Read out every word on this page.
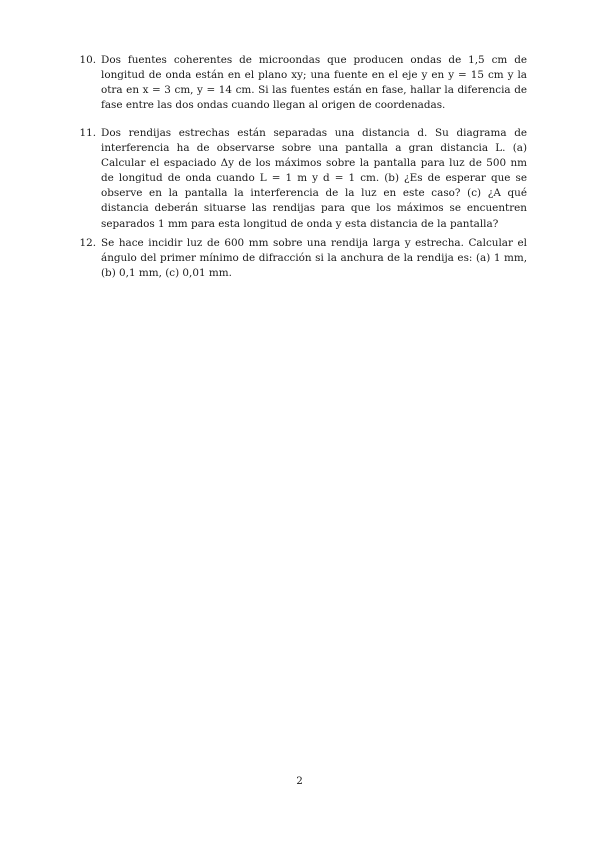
10. Dos fuentes coherentes de microondas que producen ondas de 1,5 cm de longitud de onda están en el plano xy; una fuente en el eje y en y = 15 cm y la otra en x = 3 cm, y = 14 cm. Si las fuentes están en fase, hallar la diferencia de fase entre las dos ondas cuando llegan al origen de coordenadas.
11. Dos rendijas estrechas están separadas una distancia d. Su diagrama de interferencia ha de observarse sobre una pantalla a gran distancia L. (a) Calcular el espaciado Δy de los máximos sobre la pantalla para luz de 500 nm de longitud de onda cuando L = 1 m y d = 1 cm. (b) ¿Es de esperar que se observe en la pantalla la interferencia de la luz en este caso? (c) ¿A qué distancia deberán situarse las rendijas para que los máximos se encuentren separados 1 mm para esta longitud de onda y esta distancia de la pantalla?
12. Se hace incidir luz de 600 mm sobre una rendija larga y estrecha. Calcular el ángulo del primer mínimo de difracción si la anchura de la rendija es: (a) 1 mm, (b) 0,1 mm, (c) 0,01 mm.
2
